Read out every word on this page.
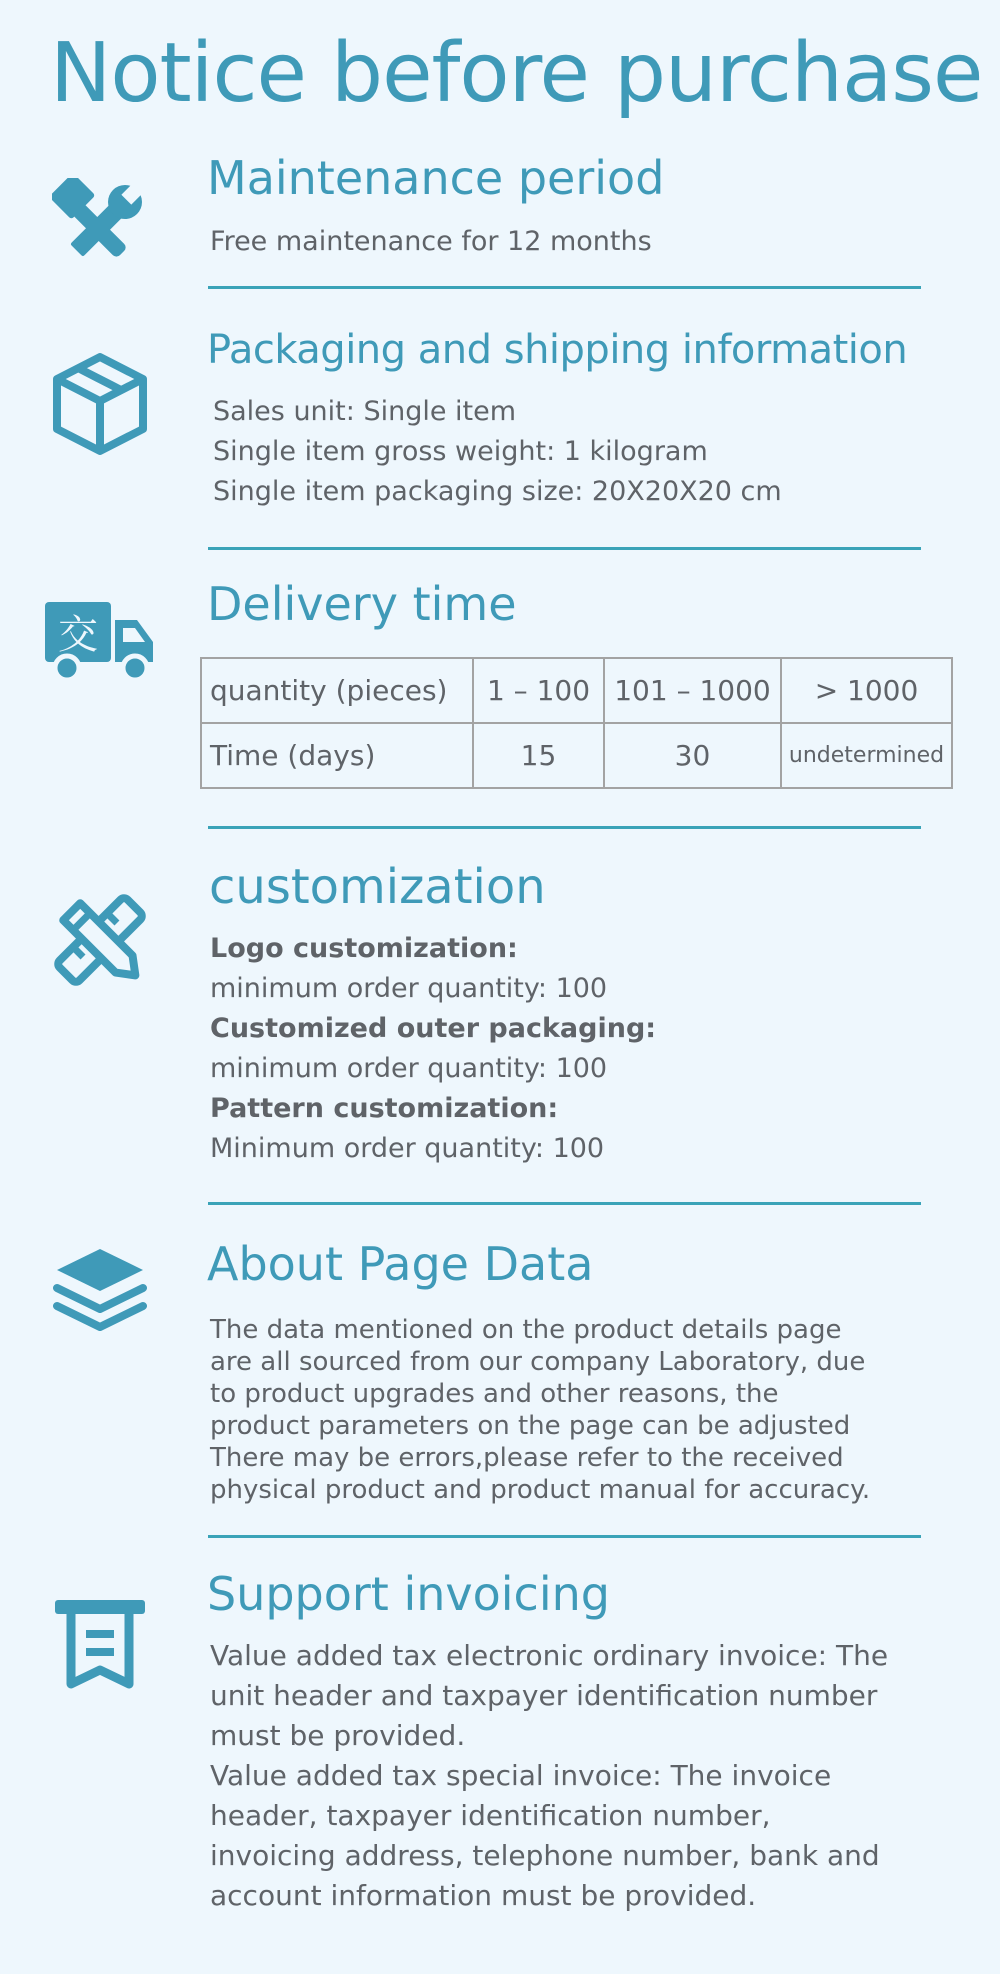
Notice before purchase
Maintenance period

Free maintenance for 12 months

Packaging and shipping information
Sales unit: Single item
Single item gross weight: 1 kilogram
Single item packaging size: 20X20X20 cm
交
Delivery time
quantity (pieces)	1 – 100	101 – 1000	> 1000
Time (days)	15	30	undetermined
customization
Logo customization:
minimum order quantity: 100
Customized outer packaging:
minimum order quantity: 100
Pattern customization:
Minimum order quantity: 100
About Page Data
The data mentioned on the product details page
are all sourced from our company Laboratory, due
to product upgrades and other reasons, the
product parameters on the page can be adjusted
There may be errors,please refer to the received
physical product and product manual for accuracy.
Support invoicing
Value added tax electronic ordinary invoice: The
unit header and taxpayer identification number
must be provided.
Value added tax special invoice: The invoice
header, taxpayer identification number,
invoicing address, telephone number, bank and
account information must be provided.
